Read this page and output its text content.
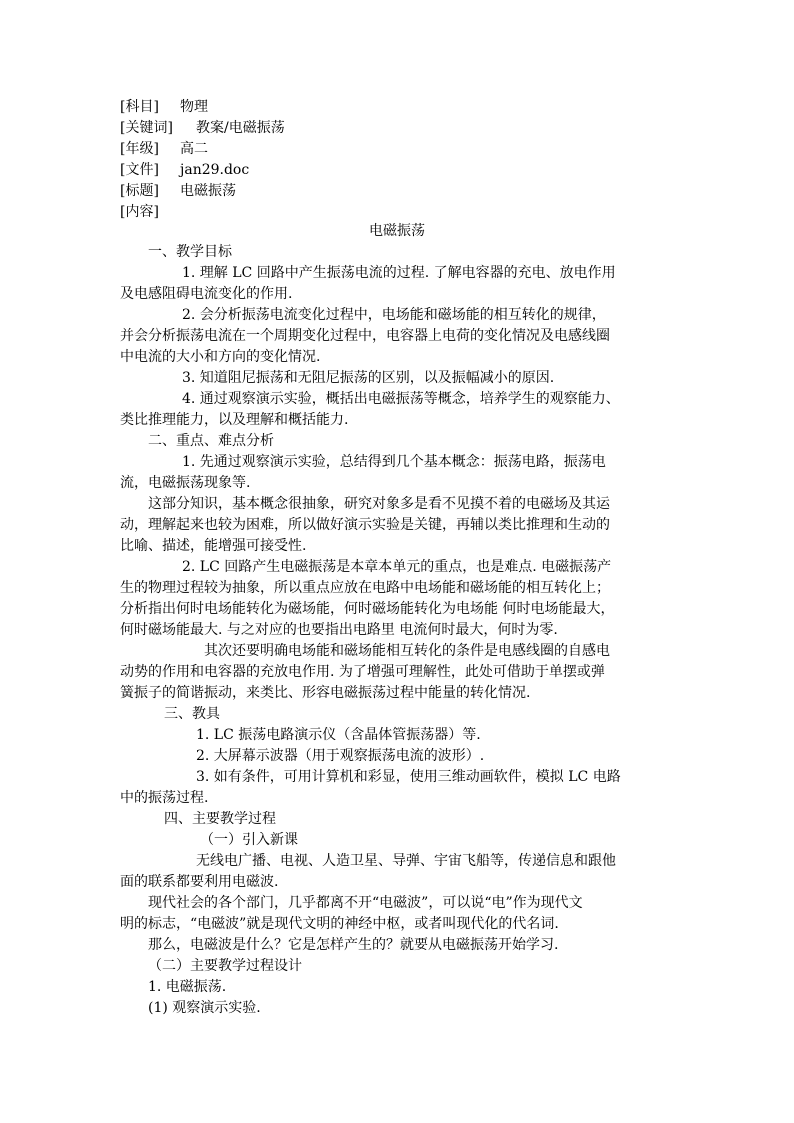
[科目] 物理
[关键词] 教案/电磁振荡
[年级] 高二
[文件] jan29.doc
[标题] 电磁振荡
[内容]
电磁振荡
一、教学目标
1. 理解 LC 回路中产生振荡电流的过程. 了解电容器的充电、放电作用
及电感阻碍电流变化的作用.
2. 会分析振荡电流变化过程中，电场能和磁场能的相互转化的规律，
并会分析振荡电流在一个周期变化过程中，电容器上电荷的变化情况及电感线圈
中电流的大小和方向的变化情况.
3. 知道阻尼振荡和无阻尼振荡的区别，以及振幅减小的原因.
4. 通过观察演示实验，概括出电磁振荡等概念，培养学生的观察能力、
类比推理能力，以及理解和概括能力.
二、重点、难点分析
1. 先通过观察演示实验，总结得到几个基本概念：振荡电路，振荡电
流，电磁振荡现象等.
这部分知识，基本概念很抽象，研究对象多是看不见摸不着的电磁场及其运
动，理解起来也较为困难，所以做好演示实验是关键，再辅以类比推理和生动的
比喻、描述，能增强可接受性.
2. LC 回路产生电磁振荡是本章本单元的重点，也是难点. 电磁振荡产
生的物理过程较为抽象，所以重点应放在电路中电场能和磁场能的相互转化上；
分析指出何时电场能转化为磁场能，何时磁场能转化为电场能 何时电场能最大，
何时磁场能最大. 与之对应的也要指出电路里 电流何时最大，何时为零.
其次还要明确电场能和磁场能相互转化的条件是电感线圈的自感电
动势的作用和电容器的充放电作用. 为了增强可理解性，此处可借助于单摆或弹
簧振子的简谐振动，来类比、形容电磁振荡过程中能量的转化情况.
三、教具
1. LC 振荡电路演示仪（含晶体管振荡器）等.
2. 大屏幕示波器（用于观察振荡电流的波形）.
3. 如有条件，可用计算机和彩显，使用三维动画软件，模拟 LC 电路
中的振荡过程.
四、主要教学过程
（一）引入新课
无线电广播、电视、人造卫星、导弹、宇宙飞船等，传递信息和跟他
面的联系都要利用电磁波.
现代社会的各个部门，几乎都离不开“电磁波”，可以说“电”作为现代文
明的标志，“电磁波”就是现代文明的神经中枢，或者叫现代化的代名词.
那么，电磁波是什么？它是怎样产生的？就要从电磁振荡开始学习.
（二）主要教学过程设计
1. 电磁振荡.
(1) 观察演示实验.
